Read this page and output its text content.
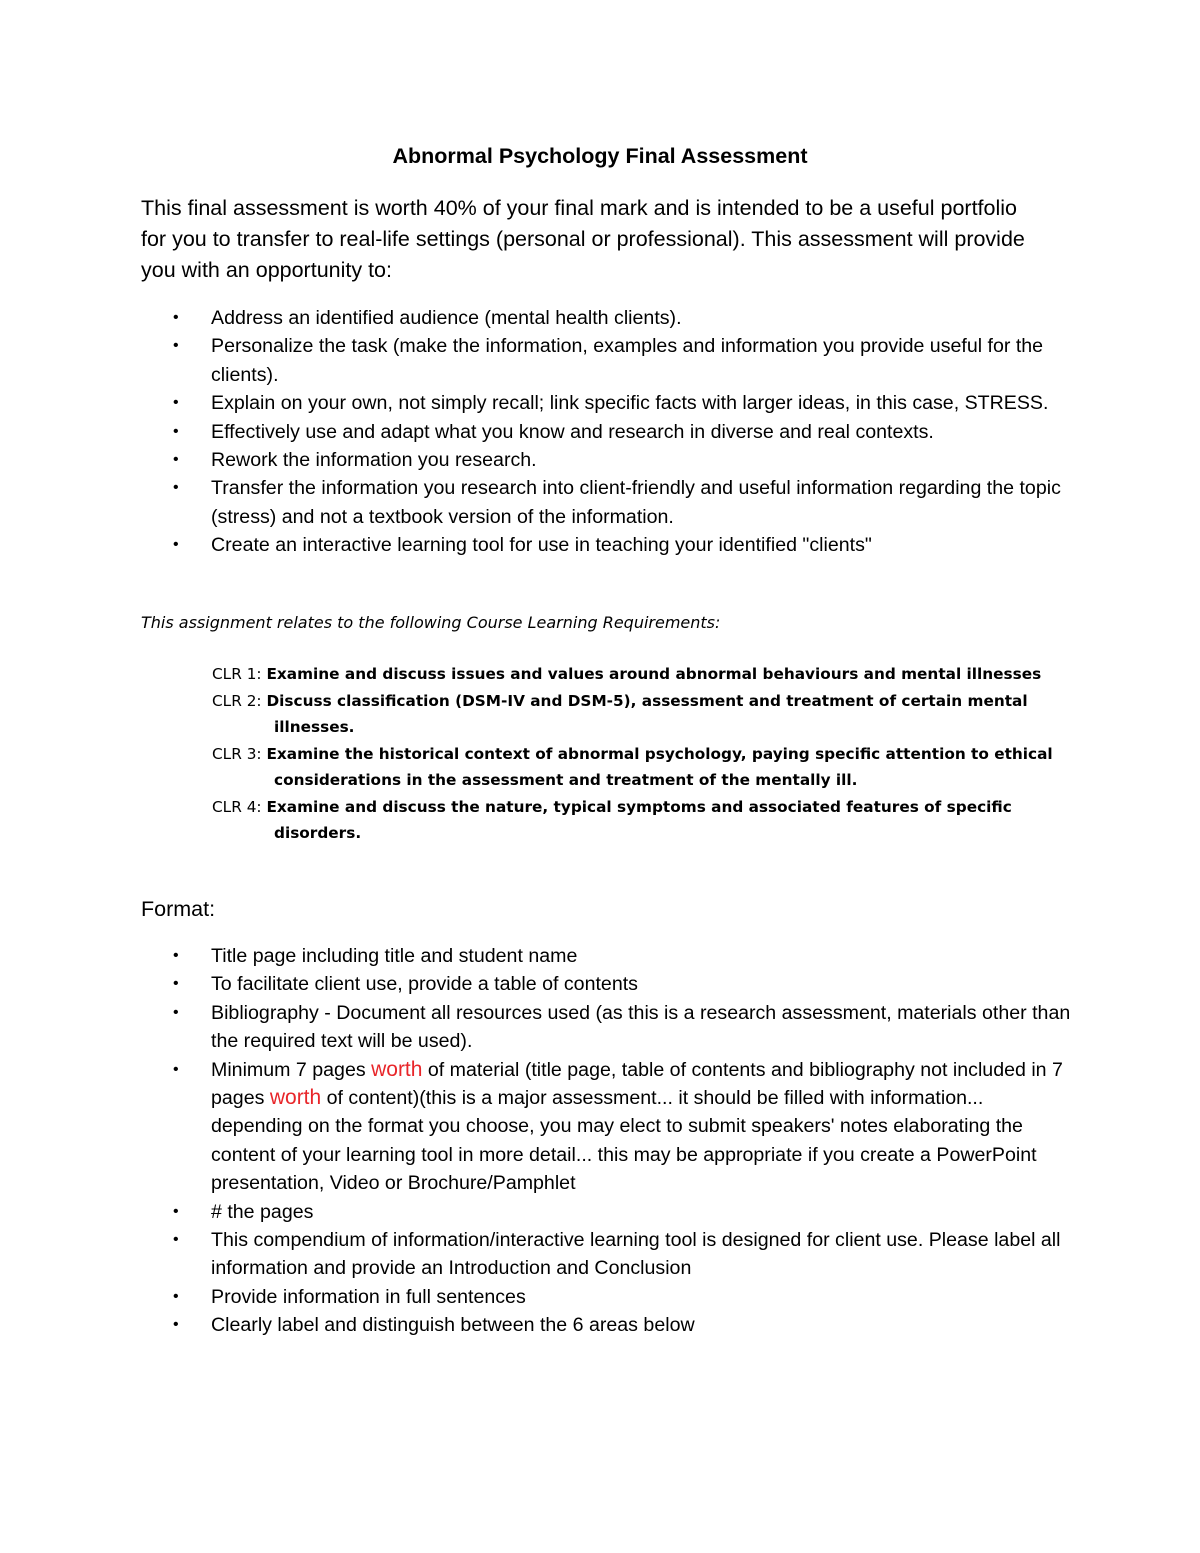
Abnormal Psychology Final Assessment

This final assessment is worth 40% of your final mark and is intended to be a useful portfolio for you to transfer to real-life settings (personal or professional). This assessment will provide you with an opportunity to:

• Address an identified audience (mental health clients).
• Personalize the task (make the information, examples and information you provide useful for the clients).
• Explain on your own, not simply recall; link specific facts with larger ideas, in this case, STRESS.
• Effectively use and adapt what you know and research in diverse and real contexts.
• Rework the information you research.
• Transfer the information you research into client-friendly and useful information regarding the topic (stress) and not a textbook version of the information.
• Create an interactive learning tool for use in teaching your identified "clients"
This assignment relates to the following Course Learning Requirements:
CLR 1: Examine and discuss issues and values around abnormal behaviours and mental illnesses
CLR 2: Discuss classification (DSM-IV and DSM-5), assessment and treatment of certain mental illnesses.
CLR 3: Examine the historical context of abnormal psychology, paying specific attention to ethical considerations in the assessment and treatment of the mentally ill.
CLR 4: Examine and discuss the nature, typical symptoms and associated features of specific disorders.
Format:
• Title page including title and student name
• To facilitate client use, provide a table of contents
• Bibliography - Document all resources used (as this is a research assessment, materials other than the required text will be used).
• Minimum 7 pages worth of material (title page, table of contents and bibliography not included in 7 pages worth of content)(this is a major assessment... it should be filled with information... depending on the format you choose, you may elect to submit speakers' notes elaborating the content of your learning tool in more detail... this may be appropriate if you create a PowerPoint presentation, Video or Brochure/Pamphlet
• # the pages
• This compendium of information/interactive learning tool is designed for client use. Please label all information and provide an Introduction and Conclusion
• Provide information in full sentences
• Clearly label and distinguish between the 6 areas below
